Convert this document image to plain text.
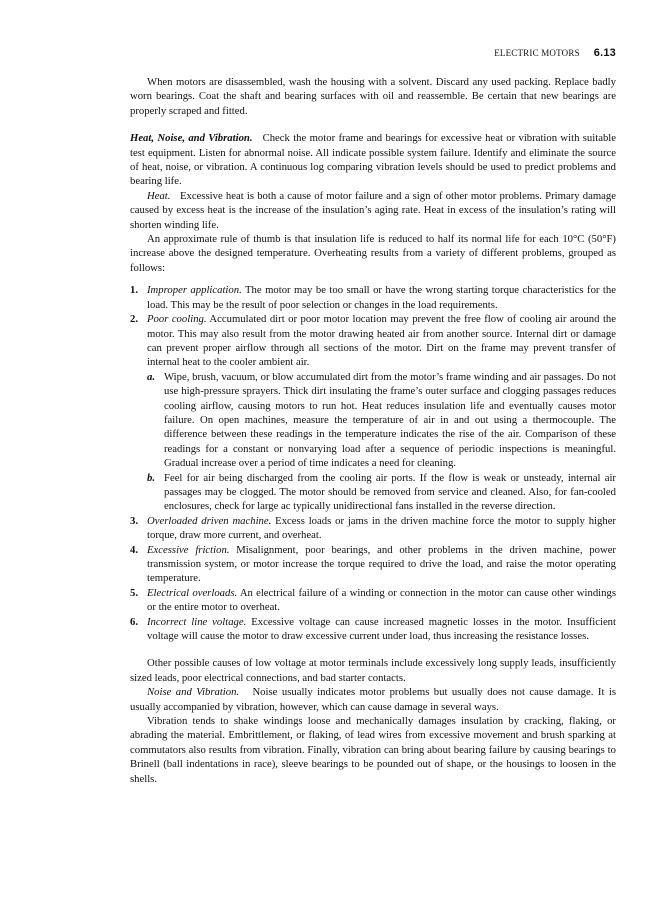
ELECTRIC MOTORS 6.13

When motors are disassembled, wash the housing with a solvent. Discard any used packing. Replace badly worn bearings. Coat the shaft and bearing surfaces with oil and reassemble. Be certain that new bearings are properly scraped and fitted.

Heat, Noise, and Vibration. Check the motor frame and bearings for excessive heat or vibration with suitable test equipment. Listen for abnormal noise. All indicate possible system failure. Identify and eliminate the source of heat, noise, or vibration. A continuous log comparing vibration levels should be used to predict problems and bearing life.

Heat. Excessive heat is both a cause of motor failure and a sign of other motor problems. Primary damage caused by excess heat is the increase of the insulation’s aging rate. Heat in excess of the insulation’s rating will shorten winding life.

An approximate rule of thumb is that insulation life is reduced to half its normal life for each 10°C (50°F) increase above the designed temperature. Overheating results from a variety of different problems, grouped as follows:

1. Improper application. The motor may be too small or have the wrong starting torque characteristics for the load. This may be the result of poor selection or changes in the load requirements.
2. Poor cooling. Accumulated dirt or poor motor location may prevent the free flow of cooling air around the motor. This may also result from the motor drawing heated air from another source. Internal dirt or damage can prevent proper airflow through all sections of the motor. Dirt on the frame may prevent transfer of internal heat to the cooler ambient air.
a. Wipe, brush, vacuum, or blow accumulated dirt from the motor’s frame winding and air passages. Do not use high-pressure sprayers. Thick dirt insulating the frame’s outer surface and clogging passages reduces cooling airflow, causing motors to run hot. Heat reduces insulation life and eventually causes motor failure. On open machines, measure the temperature of air in and out using a thermocouple. The difference between these readings in the temperature indicates the rise of the air. Comparison of these readings for a constant or nonvarying load after a sequence of periodic inspections is meaningful. Gradual increase over a period of time indicates a need for cleaning.
b. Feel for air being discharged from the cooling air ports. If the flow is weak or unsteady, internal air passages may be clogged. The motor should be removed from service and cleaned. Also, for fan-cooled enclosures, check for large ac typically unidirectional fans installed in the reverse direction.
3. Overloaded driven machine. Excess loads or jams in the driven machine force the motor to supply higher torque, draw more current, and overheat.
4. Excessive friction. Misalignment, poor bearings, and other problems in the driven machine, power transmission system, or motor increase the torque required to drive the load, and raise the motor operating temperature.
5. Electrical overloads. An electrical failure of a winding or connection in the motor can cause other windings or the entire motor to overheat.
6. Incorrect line voltage. Excessive voltage can cause increased magnetic losses in the motor. Insufficient voltage will cause the motor to draw excessive current under load, thus increasing the resistance losses.

Other possible causes of low voltage at motor terminals include excessively long supply leads, insufficiently sized leads, poor electrical connections, and bad starter contacts.

Noise and Vibration. Noise usually indicates motor problems but usually does not cause damage. It is usually accompanied by vibration, however, which can cause damage in several ways.

Vibration tends to shake windings loose and mechanically damages insulation by cracking, flaking, or abrading the material. Embrittlement, or flaking, of lead wires from excessive movement and brush sparking at commutators also results from vibration. Finally, vibration can bring about bearing failure by causing bearings to Brinell (ball indentations in race), sleeve bearings to be pounded out of shape, or the housings to loosen in the shells.
